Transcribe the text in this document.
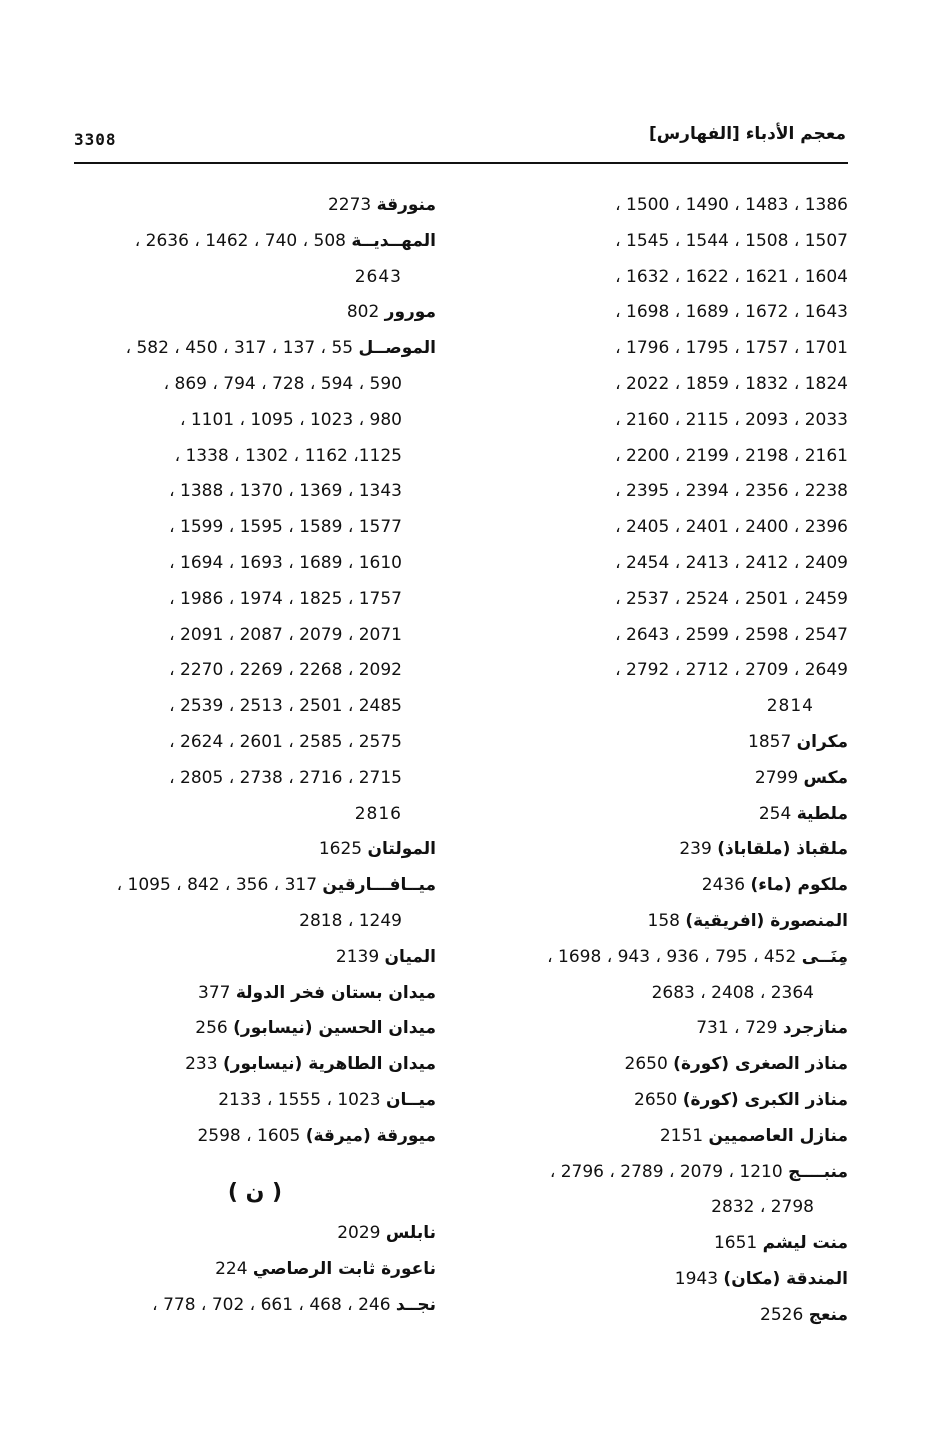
3308	معجم الأدباء [الفهارس]
1386 ، 1483 ، 1490 ، 1500 ،
1507 ، 1508 ، 1544 ، 1545 ،
1604 ، 1621 ، 1622 ، 1632 ،
1643 ، 1672 ، 1689 ، 1698 ،
1701 ، 1757 ، 1795 ، 1796 ،
1824 ، 1832 ، 1859 ، 2022 ،
2033 ، 2093 ، 2115 ، 2160 ،
2161 ، 2198 ، 2199 ، 2200 ،
2238 ، 2356 ، 2394 ، 2395 ،
2396 ، 2400 ، 2401 ، 2405 ،
2409 ، 2412 ، 2413 ، 2454 ،
2459 ، 2501 ، 2524 ، 2537 ،
2547 ، 2598 ، 2599 ، 2643 ،
2649 ، 2709 ، 2712 ، 2792 ،
2814
مكران 1857
مكس 2799
ملطية 254
ملقباذ (ملقاباذ) 239
ملكوم (ماء) 2436
المنصورة (افريقية) 158
مِنَــى 452 ، 795 ، 936 ، 943 ، 1698 ،
2364 ، 2408 ، 2683
منازجرد 729 ، 731
مناذر الصغرى (كورة) 2650
مناذر الكبرى (كورة) 2650
منازل العاصميين 2151
منبــــج 1210 ، 2079 ، 2789 ، 2796 ،
2798 ، 2832
منت ليشم 1651
المندقة (مكان) 1943
منعج 2526
منورقة 2273
المهــديــة 508 ، 740 ، 1462 ، 2636 ،
2643
مورور 802
الموصــل 55 ، 137 ، 317 ، 450 ، 582 ،
590 ، 594 ، 728 ، 794 ، 869 ،
980 ، 1023 ، 1095 ، 1101 ،
1125، 1162 ، 1302 ، 1338 ،
1343 ، 1369 ، 1370 ، 1388 ،
1577 ، 1589 ، 1595 ، 1599 ،
1610 ، 1689 ، 1693 ، 1694 ،
1757 ، 1825 ، 1974 ، 1986 ،
2071 ، 2079 ، 2087 ، 2091 ،
2092 ، 2268 ، 2269 ، 2270 ،
2485 ، 2501 ، 2513 ، 2539 ،
2575 ، 2585 ، 2601 ، 2624 ،
2715 ، 2716 ، 2738 ، 2805 ،
2816
المولتان 1625
ميــافـــارقين 317 ، 356 ، 842 ، 1095 ،
1249 ، 2818
الميان 2139
ميدان بستان فخر الدولة 377
ميدان الحسين (نيسابور) 256
ميدان الطاهرية (نيسابور) 233
ميــان 1023 ، 1555 ، 2133
ميورقة (ميرقة) 1605 ، 2598
( ن )
نابلس 2029
ناعورة ثابت الرصاصي 224
نجــد 246 ، 468 ، 661 ، 702 ، 778 ،
